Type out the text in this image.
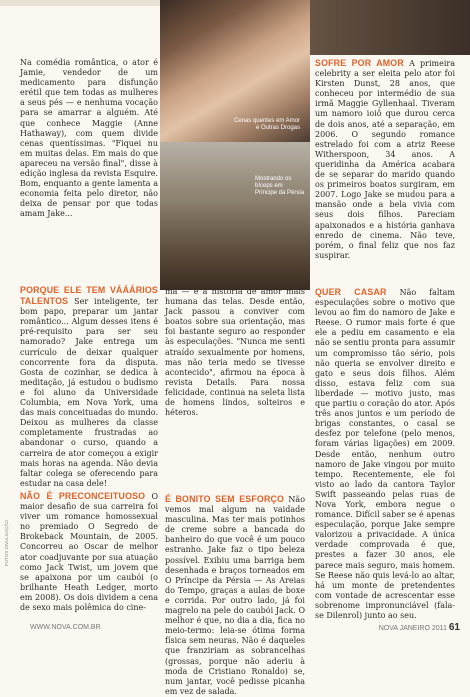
Cenas quentes em Amor e Outras Drogas
Mostrando os bíceps em Príncipe da Pérsia

Na comédia romântica, o ator é Jamie, vendedor de um medicamento para disfunção erétil que tem todas as mulheres a seus pés — e nenhuma vocação para se amarrar a alguém. Até que conhece Maggie (Anne Hathaway), com quem divide cenas quentíssimas. "Fiquei nu em muitas delas. Em mais do que apareceu na versão final", disse à edição inglesa da revista Esquire. Bom, enquanto a gente lamenta a economia feita pelo diretor, não deixa de pensar por que todas amam Jake...

SOFRE POR AMOR A primeira celebrity a ser eleita pelo ator foi Kirsten Dunst, 28 anos, que conheceu por intermédio de sua irmã Maggie Gyllenhaal. Tiveram um namoro ioiô que durou cerca de dois anos, até a separação, em 2006. O segundo romance estrelado foi com a atriz Reese Witherspoon, 34 anos. A queridinha da América acabara de se separar do marido quando os primeiros boatos surgiram, em 2007. Logo Jake se mudou para a mansão onde a bela vivia com seus dois filhos. Pareciam apaixonados e a história ganhava enredo de cinema. Não teve, porém, o final feliz que nos faz suspirar.

PORQUE ELE TEM VÁÁÁRIOS TALENTOS Ser inteligente, ter bom papo, preparar um jantar romântico... Algum desses itens é pré-requisito para ser seu namorado? Jake entrega um currículo de deixar qualquer concorrente fora da disputa. Gosta de cozinhar, se dedica à meditação, já estudou o budismo e foi aluno da Universidade Columbia, em Nova York, uma das mais conceituadas do mundo. Deixou as mulheres da classe completamente frustradas ao abandonar o curso, quando a carreira de ator começou a exigir mais horas na agenda. Não devia faltar colega se oferecendo para estudar na casa dele!

ma — e a história de amor mais humana das telas. Desde então, Jack passou a conviver com boatos sobre sua orientação, mas foi bastante seguro ao responder às especulações. "Nunca me senti atraído sexualmente por homens, mas não teria medo se tivesse acontecido", afirmou na época à revista Details. Para nossa felicidade, continua na seleta lista de homens lindos, solteiros e héteros.

QUER CASAR Não faltam especulações sobre o motivo que levou ao fim do namoro de Jake e Reese. O rumor mais forte é que ele a pediu em casamento e ela não se sentiu pronta para assumir um compromisso tão sério, pois não queria se envolver direito e gato e seus dois filhos. Além disso, estava feliz com sua liberdade — motivo justo, mas que partiu o coração do ator. Após três anos juntos e um período de brigas constantes, o casal se desfez por telefone (pelo menos, foram várias ligações) em 2009. Desde então, nenhum outro namoro de Jake vingou por muito tempo. Recentemente, ele foi visto ao lado da cantora Taylor Swift passeando pelas ruas de Nova York, embora negue o romance. Difícil saber se é apenas especulação, porque Jake sempre valorizou a privacidade. A única verdade comprovada é que, prestes a fazer 30 anos, ele parece mais seguro, mais homem. Se Reese não quis levá-lo ao altar, há um monte de pretendentes com vontade de acrescentar esse sobrenome impronunciável (fala-se Dilenrol) junto ao seu.

NÃO É PRECONCEITUOSO O maior desafio de sua carreira foi viver um romance homossexual no premiado O Segredo de Brokeback Mountain, de 2005. Concorreu ao Oscar de melhor ator coadjuvante por sua atuação como Jack Twist, um jovem que se apaixona por um caubói (o brilhante Heath Ledger, morto em 2008). Os dois dividem a cena de sexo mais polêmica do cine-

É BONITO SEM ESFORÇO Não vemos mal algum na vaidade masculina. Mas ter mais potinhos de creme sobre a bancada do banheiro do que você é um pouco estranho. Jake faz o tipo beleza possível. Exibiu uma barriga bem desenhada e braços torneados em O Príncipe da Pérsia — As Areias do Tempo, graças a aulas de boxe e corrida. Por outro lado, já foi magrelo na pele do caubói Jack. O melhor é que, no dia a dia, fica no meio-termo: leia-se ótima forma física sem neuras. Não é daqueles que franziriam as sobrancelhas (grossas, porque não aderiu à moda de Cristiano Ronaldo) se, num jantar, você pedisse picanha em vez de salada.

FOTOS DIVULGAÇÃO
WWW.NOVA.COM.BR	NOVA JANEIRO 2011 61
